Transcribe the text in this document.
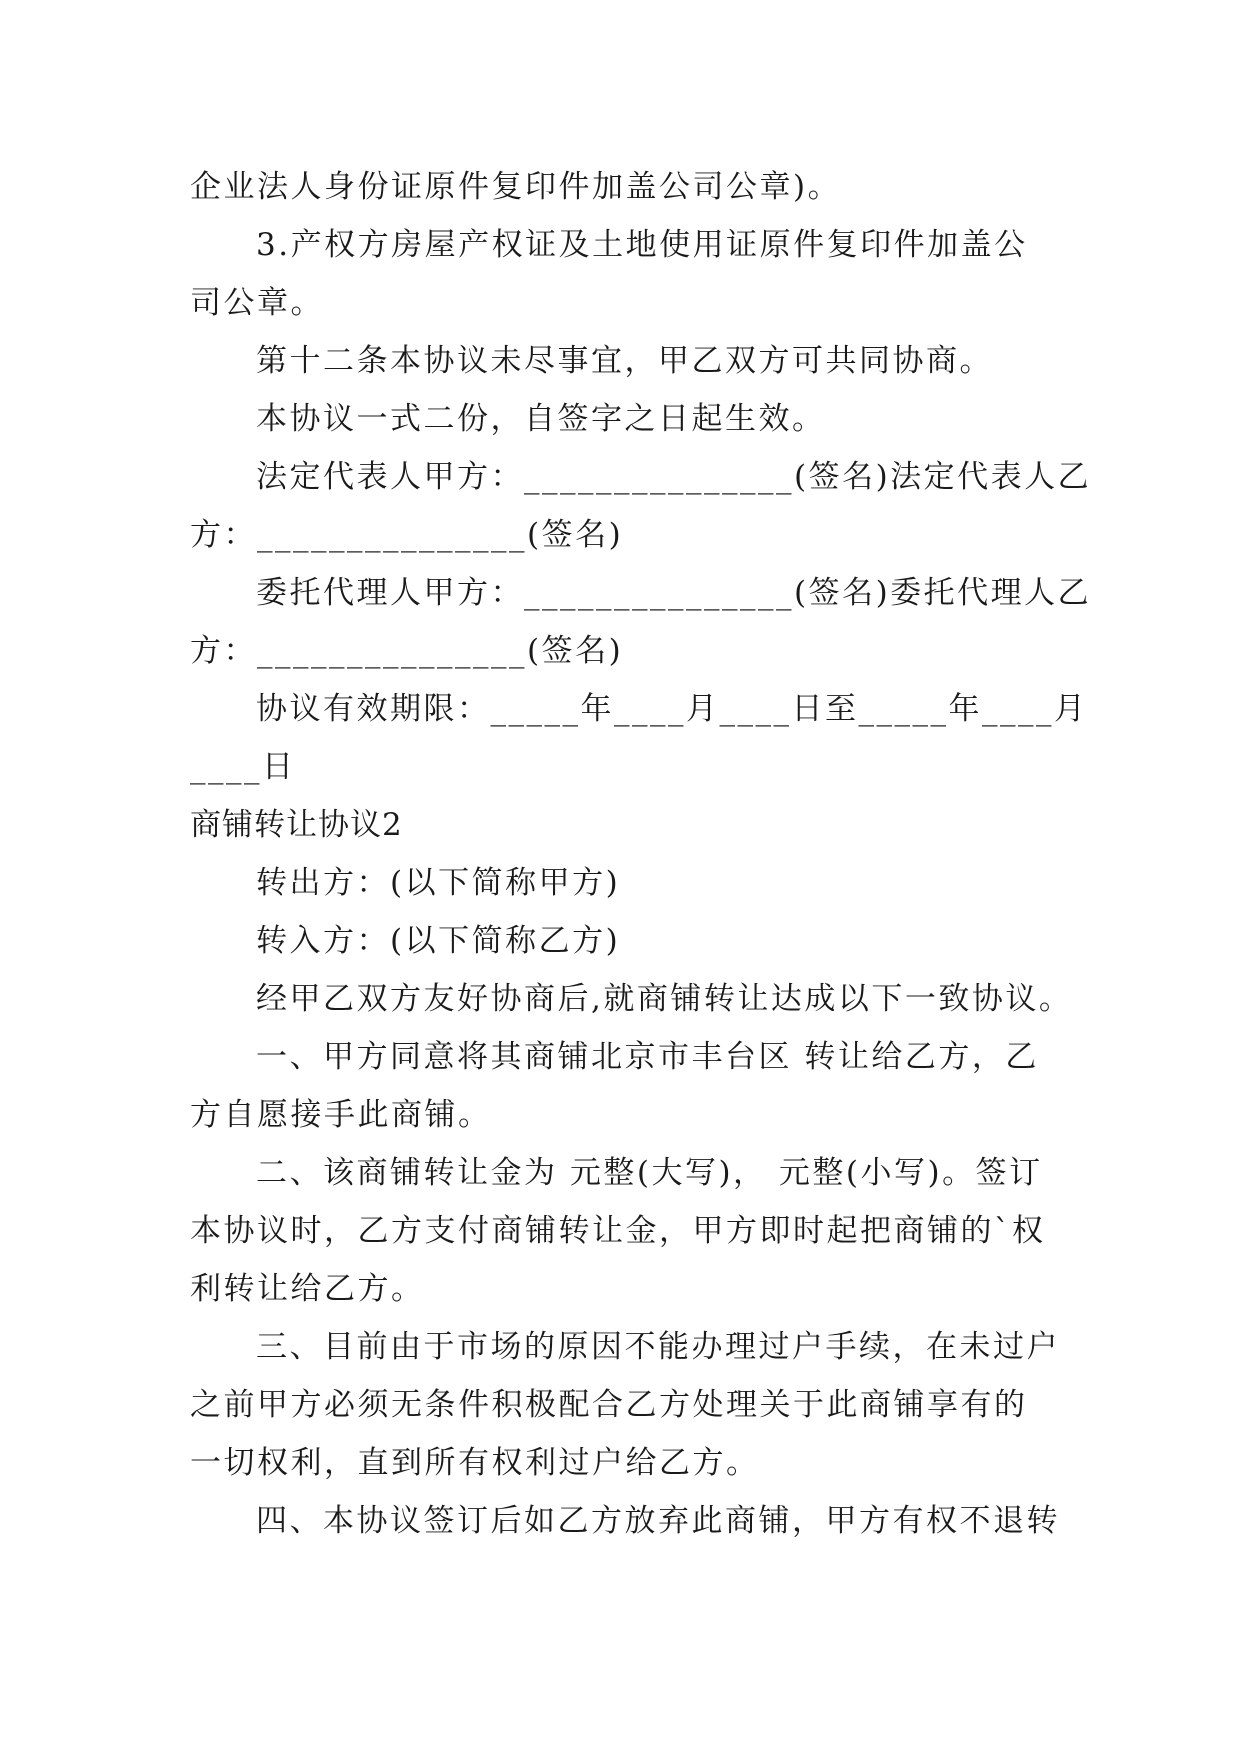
企业法人身份证原件复印件加盖公司公章)。
3.产权方房屋产权证及土地使用证原件复印件加盖公
司公章。
第十二条本协议未尽事宜，甲乙双方可共同协商。
本协议一式二份，自签字之日起生效。
法定代表人甲方：_______________(签名)法定代表人乙
方：_______________(签名)
委托代理人甲方：_______________(签名)委托代理人乙
方：_______________(签名)
协议有效期限：_____年____月____日至_____年____月
____日
商铺转让协议2
转出方：(以下简称甲方)
转入方：(以下简称乙方)
经甲乙双方友好协商后,就商铺转让达成以下一致协议。
一、甲方同意将其商铺北京市丰台区 转让给乙方，乙
方自愿接手此商铺。
二、该商铺转让金为 元整(大写)， 元整(小写)。签订
本协议时，乙方支付商铺转让金，甲方即时起把商铺的`权
利转让给乙方。
三、目前由于市场的原因不能办理过户手续，在未过户
之前甲方必须无条件积极配合乙方处理关于此商铺享有的
一切权利，直到所有权利过户给乙方。
四、本协议签订后如乙方放弃此商铺，甲方有权不退转
